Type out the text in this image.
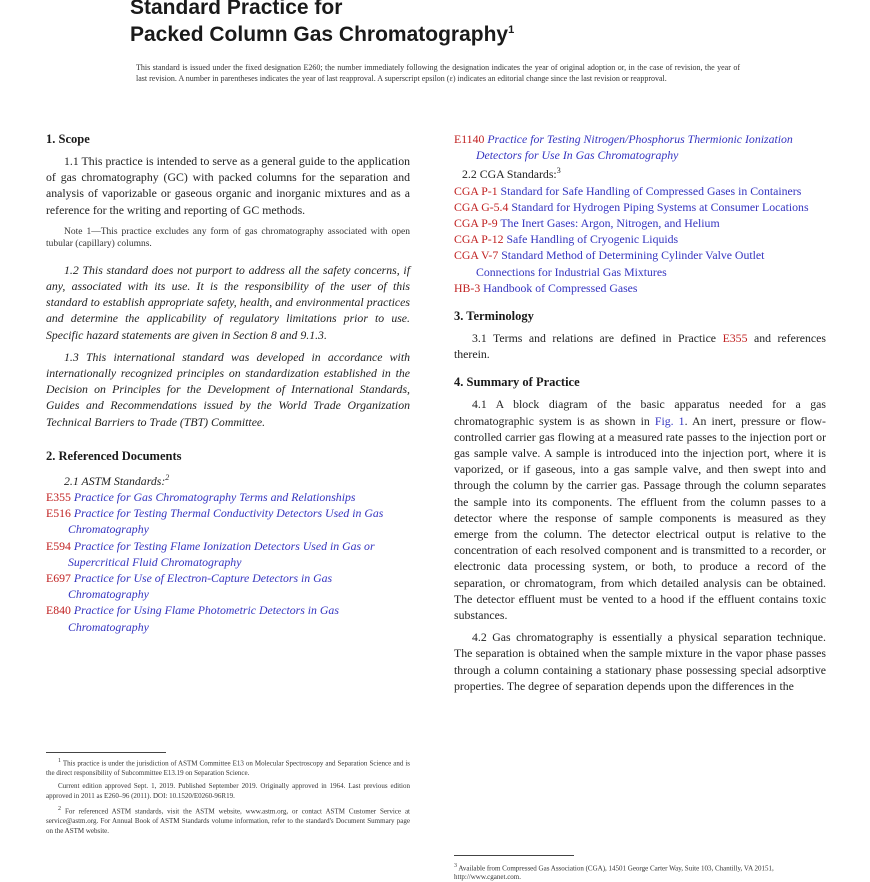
Standard Practice for
Packed Column Gas Chromatography$^1$
This standard is issued under the fixed designation E260; the number immediately following the designation indicates the year of original adoption or, in the case of revision, the year of last revision. A number in parentheses indicates the year of last reapproval. A superscript epsilon (ε) indicates an editorial change since the last revision or reapproval.
1. Scope

1.1 This practice is intended to serve as a general guide to the application of gas chromatography (GC) with packed columns for the separation and analysis of vaporizable or gaseous organic and inorganic mixtures and as a reference for the writing and reporting of GC methods.

Note 1—This practice excludes any form of gas chromatography associated with open tubular (capillary) columns.

1.2 This standard does not purport to address all the safety concerns, if any, associated with its use. It is the responsibility of the user of this standard to establish appropriate safety, health, and environmental practices and determine the applicability of regulatory limitations prior to use. Specific hazard statements are given in Section 8 and 9.1.3.

1.3 This international standard was developed in accordance with internationally recognized principles on standardization established in the Decision on Principles for the Development of International Standards, Guides and Recommendations issued by the World Trade Organization Technical Barriers to Trade (TBT) Committee.

2. Referenced Documents

2.1 ASTM Standards:$^2$

E355 Practice for Gas Chromatography Terms and Relationships

E516 Practice for Testing Thermal Conductivity Detectors Used in Gas Chromatography

E594 Practice for Testing Flame Ionization Detectors Used in Gas or Supercritical Fluid Chromatography

E697 Practice for Use of Electron-Capture Detectors in Gas Chromatography

E840 Practice for Using Flame Photometric Detectors in Gas Chromatography

E1140 Practice for Testing Nitrogen/Phosphorus Thermionic Ionization Detectors for Use In Gas Chromatography

2.2 CGA Standards:$^3$

CGA P-1 Standard for Safe Handling of Compressed Gases in Containers

CGA G-5.4 Standard for Hydrogen Piping Systems at Consumer Locations

CGA P-9 The Inert Gases: Argon, Nitrogen, and Helium

CGA P-12 Safe Handling of Cryogenic Liquids

CGA V-7 Standard Method of Determining Cylinder Valve Outlet Connections for Industrial Gas Mixtures

HB-3 Handbook of Compressed Gases

3. Terminology

3.1 Terms and relations are defined in Practice E355 and references therein.

4. Summary of Practice

4.1 A block diagram of the basic apparatus needed for a gas chromatographic system is as shown in Fig. 1. An inert, pressure or flow-controlled carrier gas flowing at a measured rate passes to the injection port or gas sample valve. A sample is introduced into the injection port, where it is vaporized, or if gaseous, into a gas sample valve, and then swept into and through the column by the carrier gas. Passage through the column separates the sample into its components. The effluent from the column passes to a detector where the response of sample components is measured as they emerge from the column. The detector electrical output is relative to the concentration of each resolved component and is transmitted to a recorder, or electronic data processing system, or both, to produce a record of the separation, or chromatogram, from which detailed analysis can be obtained. The detector effluent must be vented to a hood if the effluent contains toxic substances.

4.2 Gas chromatography is essentially a physical separation technique. The separation is obtained when the sample mixture in the vapor phase passes through a column containing a stationary phase possessing special adsorptive properties. The degree of separation depends upon the differences in the

$^1$ This practice is under the jurisdiction of ASTM Committee E13 on Molecular Spectroscopy and Separation Science and is the direct responsibility of Subcommittee E13.19 on Separation Science.

Current edition approved Sept. 1, 2019. Published September 2019. Originally approved in 1964. Last previous edition approved in 2011 as E260–96 (2011). DOI: 10.1520/E0260-96R19.

$^2$ For referenced ASTM standards, visit the ASTM website, www.astm.org, or contact ASTM Customer Service at service@astm.org. For Annual Book of ASTM Standards volume information, refer to the standard's Document Summary page on the ASTM website.

$^3$ Available from Compressed Gas Association (CGA), 14501 George Carter Way, Suite 103, Chantilly, VA 20151, http://www.cganet.com.
